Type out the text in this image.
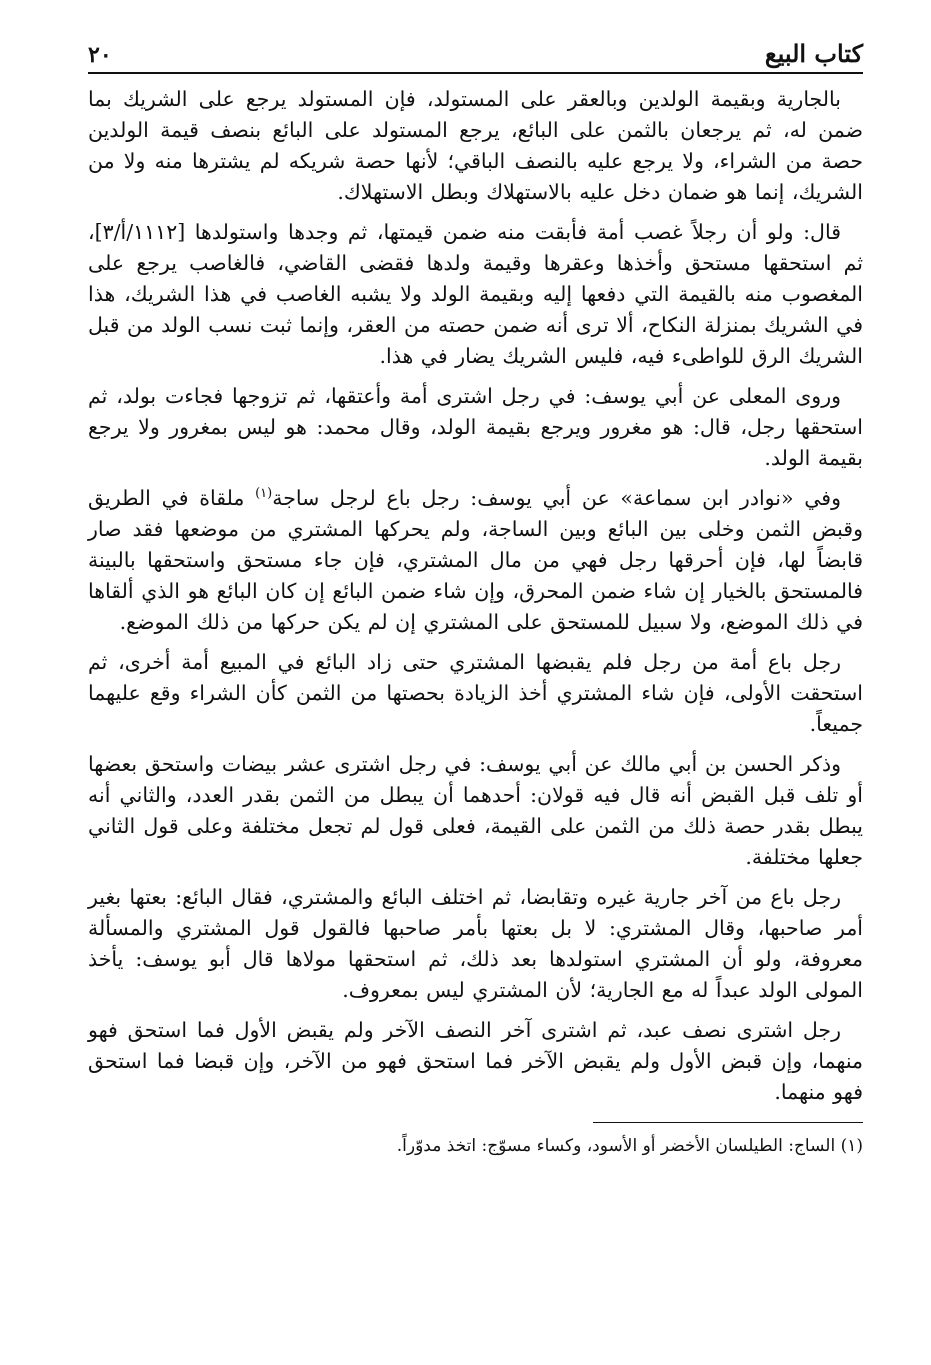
كتاب البيع
٢٠

بالجارية وبقيمة الولدين وبالعقر على المستولد، فإن المستولد يرجع على الشريك بما ضمن له، ثم يرجعان بالثمن على البائع، يرجع المستولد على البائع بنصف قيمة الولدين حصة من الشراء، ولا يرجع عليه بالنصف الباقي؛ لأنها حصة شريكه لم يشترها منه ولا من الشريك، إنما هو ضمان دخل عليه بالاستهلاك وبطل الاستهلاك.

قال: ولو أن رجلاً غصب أمة فأبقت منه ضمن قيمتها، ثم وجدها واستولدها [١١١٢/أ/٣]، ثم استحقها مستحق وأخذها وعقرها وقيمة ولدها فقضى القاضي، فالغاصب يرجع على المغصوب منه بالقيمة التي دفعها إليه وبقيمة الولد ولا يشبه الغاصب في هذا الشريك، هذا في الشريك بمنزلة النكاح، ألا ترى أنه ضمن حصته من العقر، وإنما ثبت نسب الولد من قبل الشريك الرق للواطىء فيه، فليس الشريك يضار في هذا.

وروى المعلى عن أبي يوسف: في رجل اشترى أمة وأعتقها، ثم تزوجها فجاءت بولد، ثم استحقها رجل، قال: هو مغرور ويرجع بقيمة الولد، وقال محمد: هو ليس بمغرور ولا يرجع بقيمة الولد.

وفي «نوادر ابن سماعة» عن أبي يوسف: رجل باع لرجل ساجة$^{(١)}$ ملقاة في الطريق وقبض الثمن وخلى بين البائع وبين الساجة، ولم يحركها المشتري من موضعها فقد صار قابضاً لها، فإن أحرقها رجل فهي من مال المشتري، فإن جاء مستحق واستحقها بالبينة فالمستحق بالخيار إن شاء ضمن المحرق، وإن شاء ضمن البائع إن كان البائع هو الذي ألقاها في ذلك الموضع، ولا سبيل للمستحق على المشتري إن لم يكن حركها من ذلك الموضع.

رجل باع أمة من رجل فلم يقبضها المشتري حتى زاد البائع في المبيع أمة أخرى، ثم استحقت الأولى، فإن شاء المشتري أخذ الزيادة بحصتها من الثمن كأن الشراء وقع عليهما جميعاً.

وذكر الحسن بن أبي مالك عن أبي يوسف: في رجل اشترى عشر بيضات واستحق بعضها أو تلف قبل القبض أنه قال فيه قولان: أحدهما أن يبطل من الثمن بقدر العدد، والثاني أنه يبطل بقدر حصة ذلك من الثمن على القيمة، فعلى قول لم تجعل مختلفة وعلى قول الثاني جعلها مختلفة.

رجل باع من آخر جارية غيره وتقابضا، ثم اختلف البائع والمشتري، فقال البائع: بعتها بغير أمر صاحبها، وقال المشتري: لا بل بعتها بأمر صاحبها فالقول قول المشتري والمسألة معروفة، ولو أن المشتري استولدها بعد ذلك، ثم استحقها مولاها قال أبو يوسف: يأخذ المولى الولد عبداً له مع الجارية؛ لأن المشتري ليس بمعروف.

رجل اشترى نصف عبد، ثم اشترى آخر النصف الآخر ولم يقبض الأول فما استحق فهو منهما، وإن قبض الأول ولم يقبض الآخر فما استحق فهو من الآخر، وإن قبضا فما استحق فهو منهما.

(١) الساج: الطيلسان الأخضر أو الأسود، وكساء مسوّج: اتخذ مدوّراً.
